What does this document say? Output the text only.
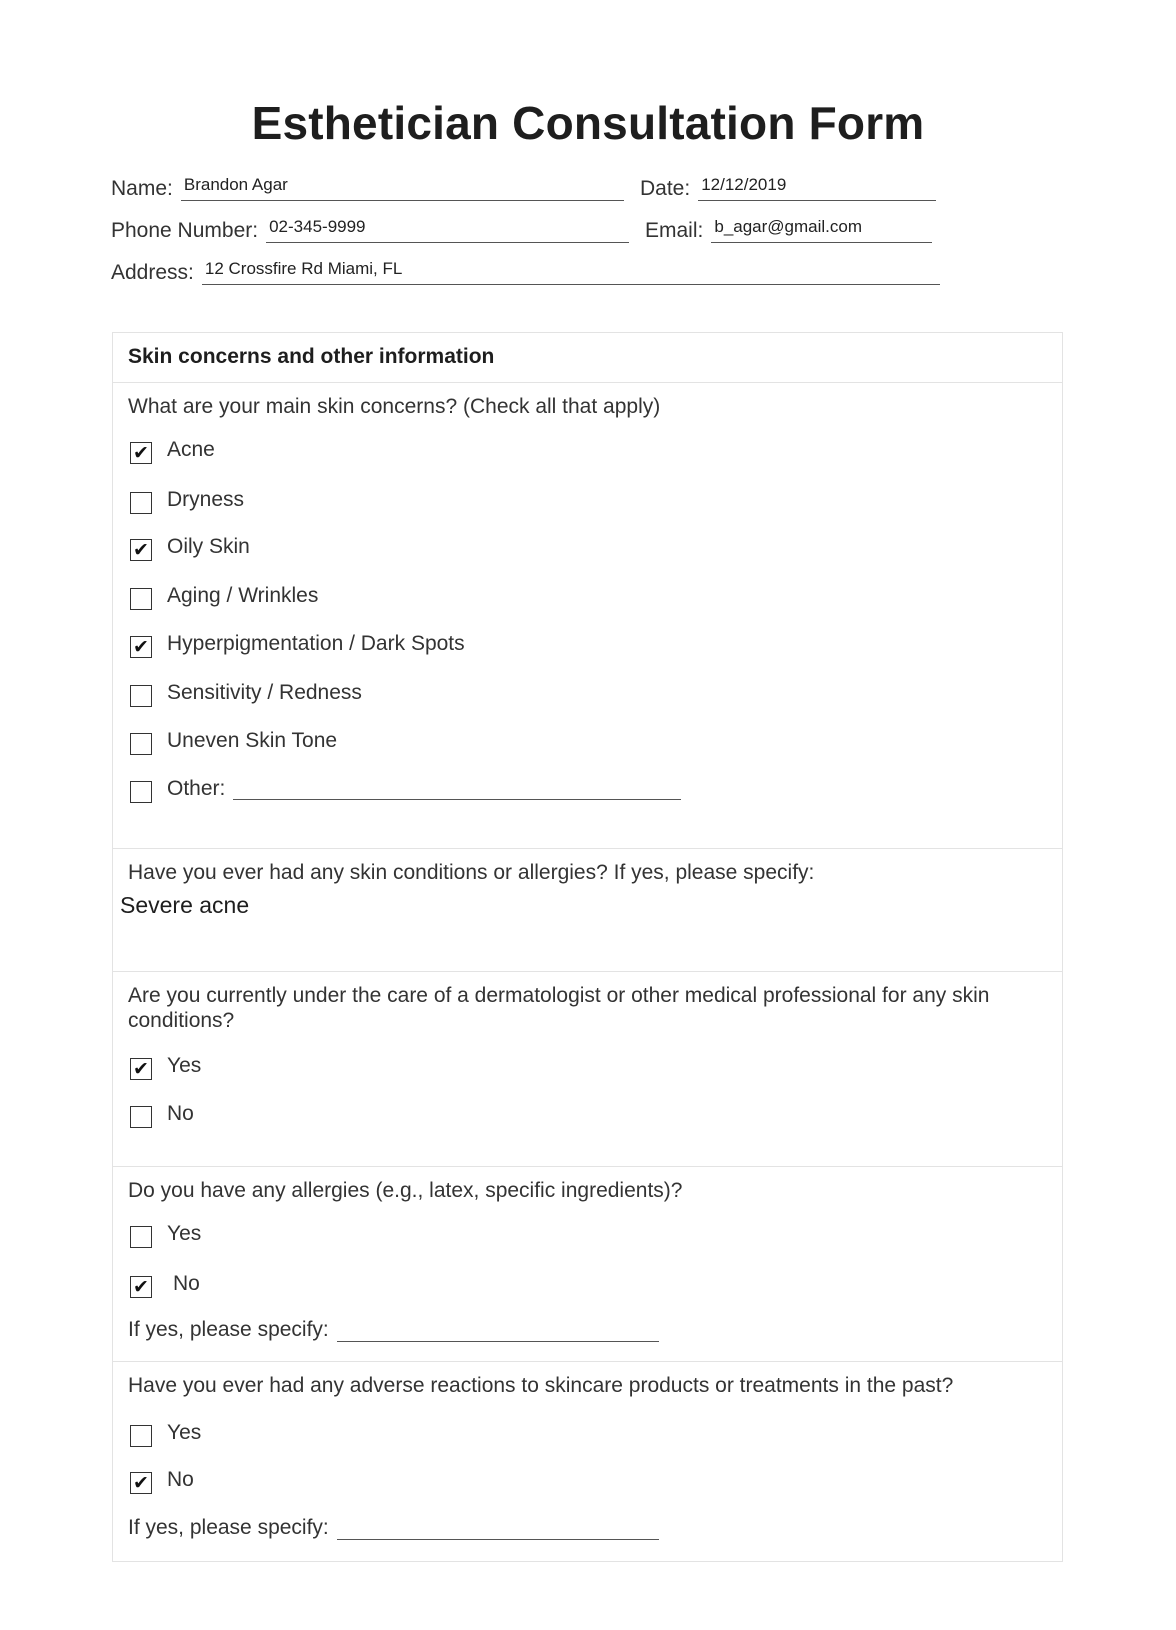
Esthetician Consultation Form
Name: Brandon Agar	Date: 12/12/2019
Phone Number: 02-345-9999	Email: b_agar@gmail.com
Address: 12 Crossfire Rd Miami, FL
Skin concerns and other information
What are your main skin concerns? (Check all that apply)
✔ Acne
Dryness
✔ Oily Skin
Aging / Wrinkles
✔ Hyperpigmentation / Dark Spots
Sensitivity / Redness
Uneven Skin Tone
Other:
Have you ever had any skin conditions or allergies? If yes, please specify:
Severe acne
Are you currently under the care of a dermatologist or other medical professional for any skin conditions?
✔ Yes
No
Do you have any allergies (e.g., latex, specific ingredients)?
Yes
✔ No
If yes, please specify:
Have you ever had any adverse reactions to skincare products or treatments in the past?
Yes
✔ No
If yes, please specify:
